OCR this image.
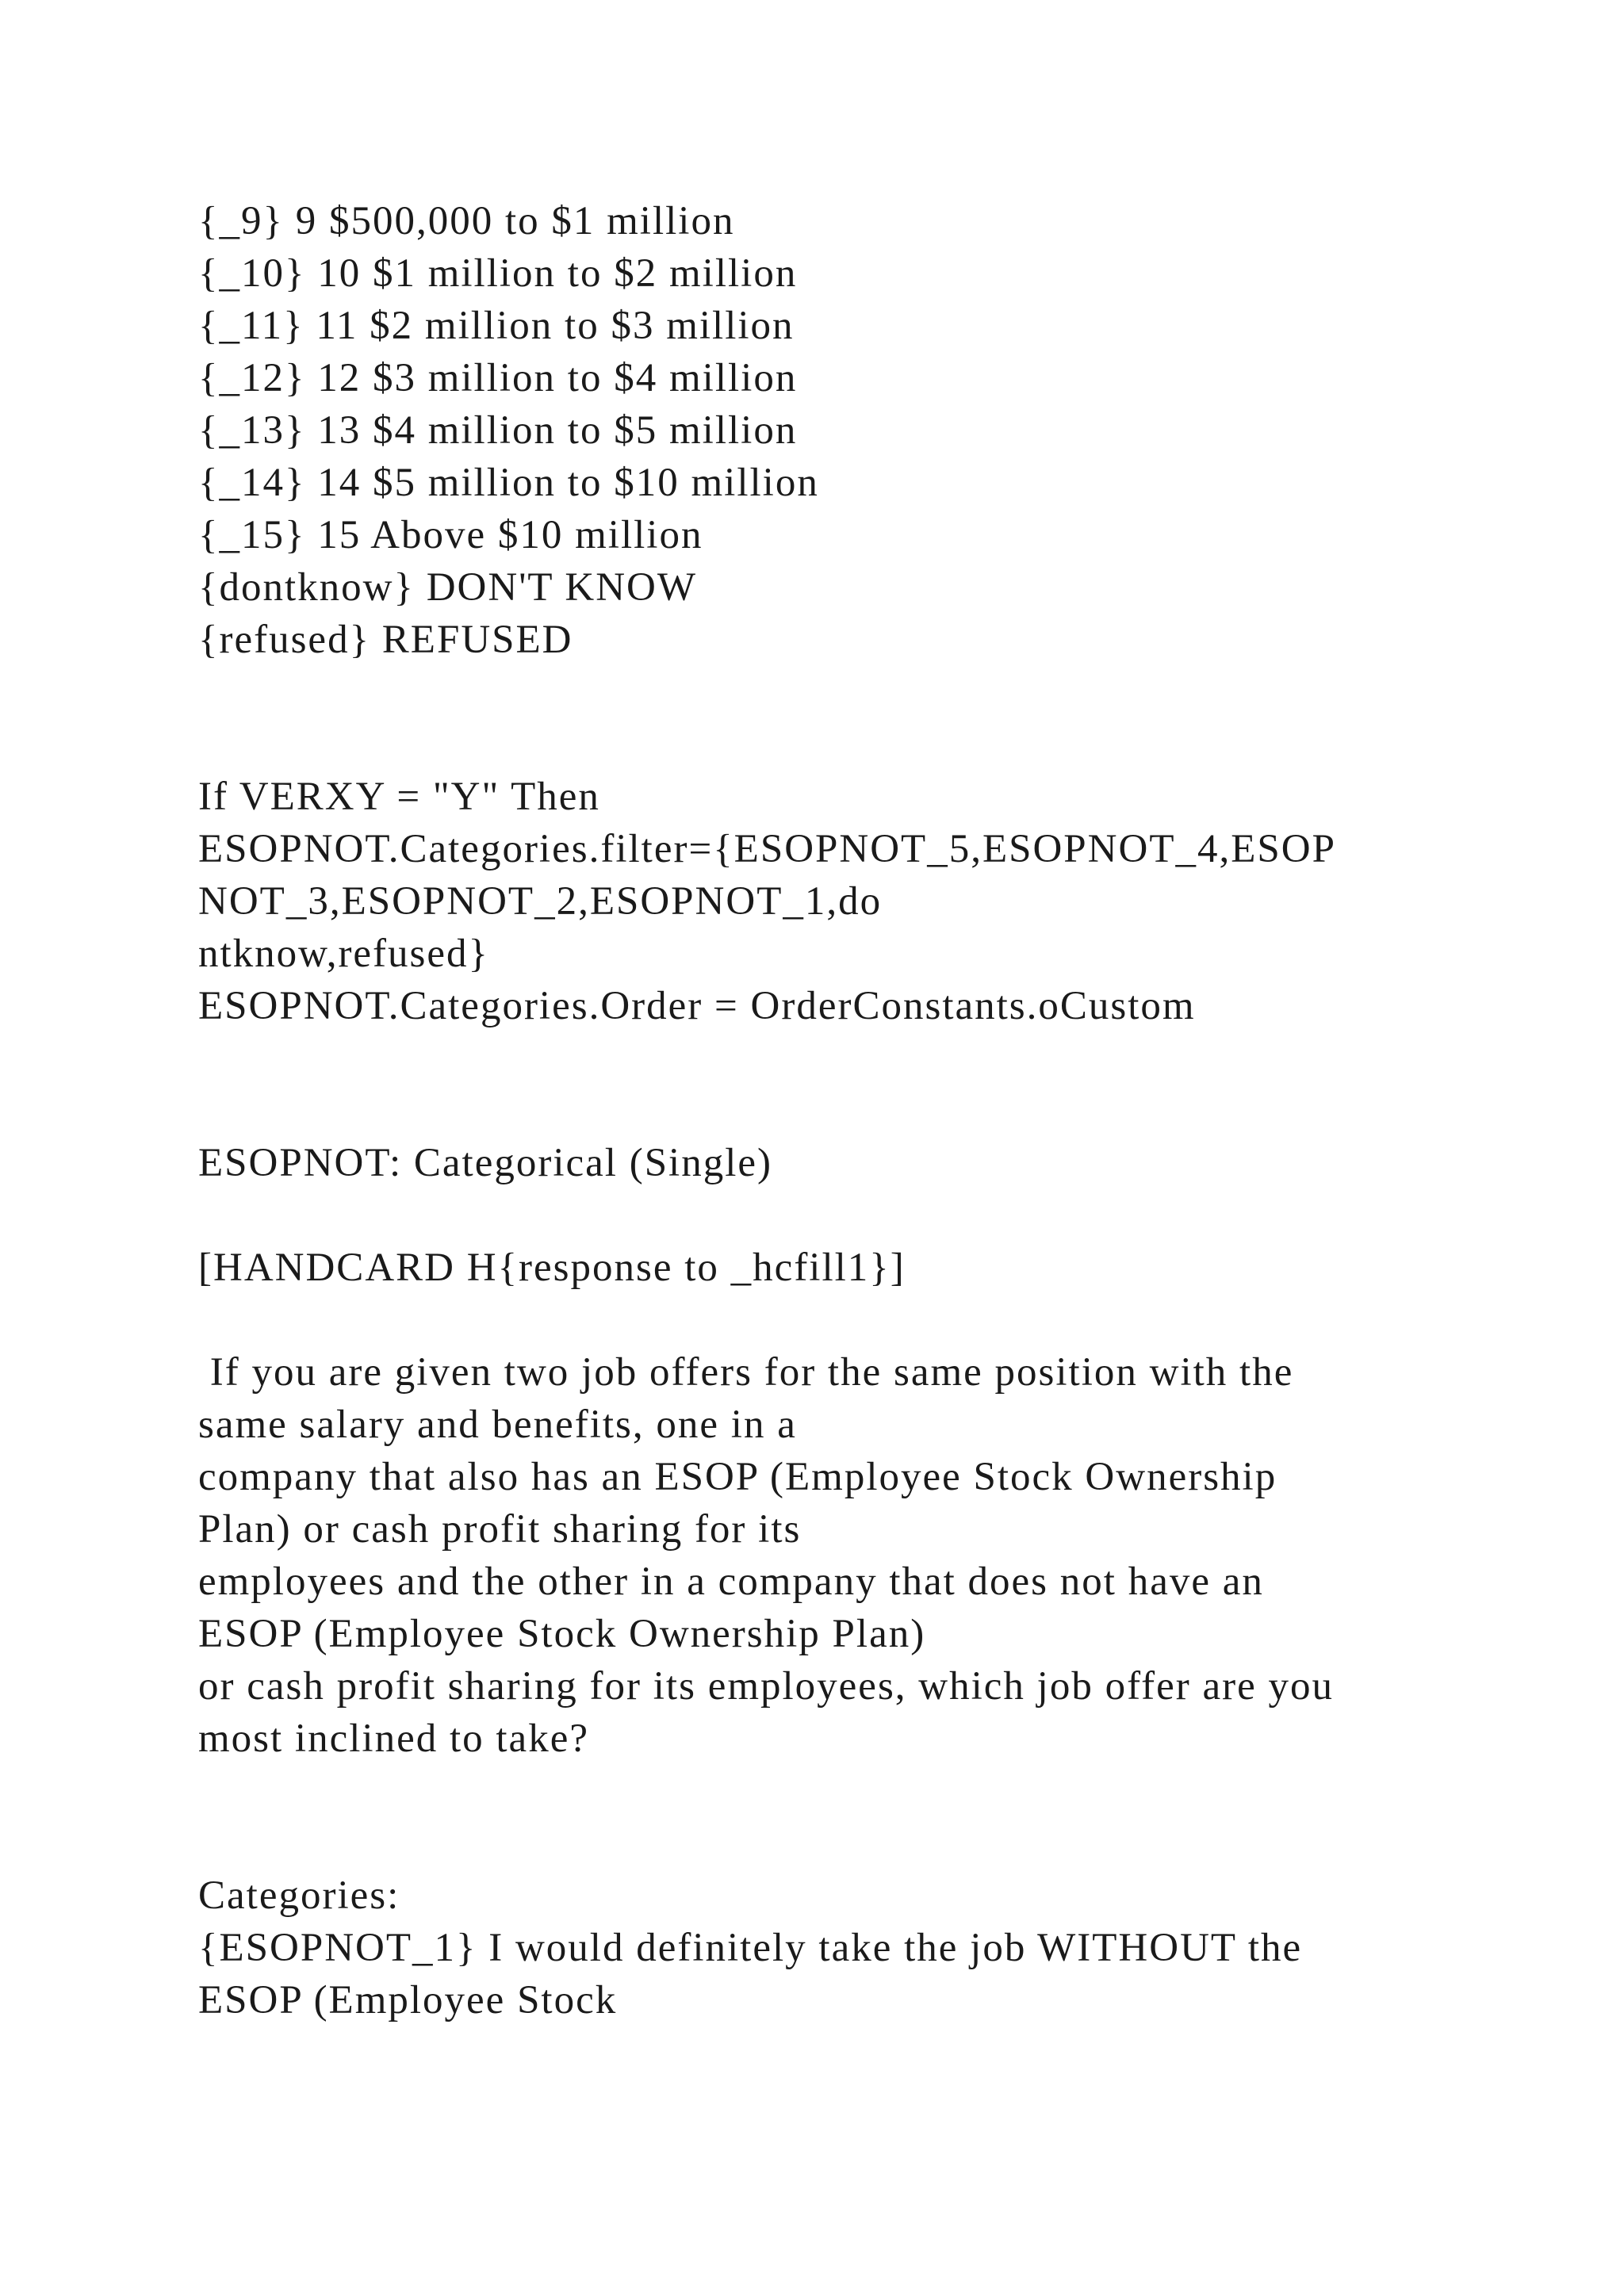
{_9} 9 $500,000 to $1 million
{_10} 10 $1 million to $2 million
{_11} 11 $2 million to $3 million
{_12} 12 $3 million to $4 million
{_13} 13 $4 million to $5 million
{_14} 14 $5 million to $10 million
{_15} 15 Above $10 million
{dontknow} DON'T KNOW
{refused} REFUSED
If VERXY = "Y" Then
ESOPNOT.Categories.filter={ESOPNOT_5,ESOPNOT_4,ESOP
NOT_3,ESOPNOT_2,ESOPNOT_1,do
ntknow,refused}
ESOPNOT.Categories.Order = OrderConstants.oCustom
ESOPNOT: Categorical (Single)
[HANDCARD H{response to _hcfill1}]
If you are given two job offers for the same position with the
same salary and benefits, one in a
company that also has an ESOP (Employee Stock Ownership
Plan) or cash profit sharing for its
employees and the other in a company that does not have an
ESOP (Employee Stock Ownership Plan)
or cash profit sharing for its employees, which job offer are you
most inclined to take?
Categories:
{ESOPNOT_1} I would definitely take the job WITHOUT the
ESOP (Employee Stock
